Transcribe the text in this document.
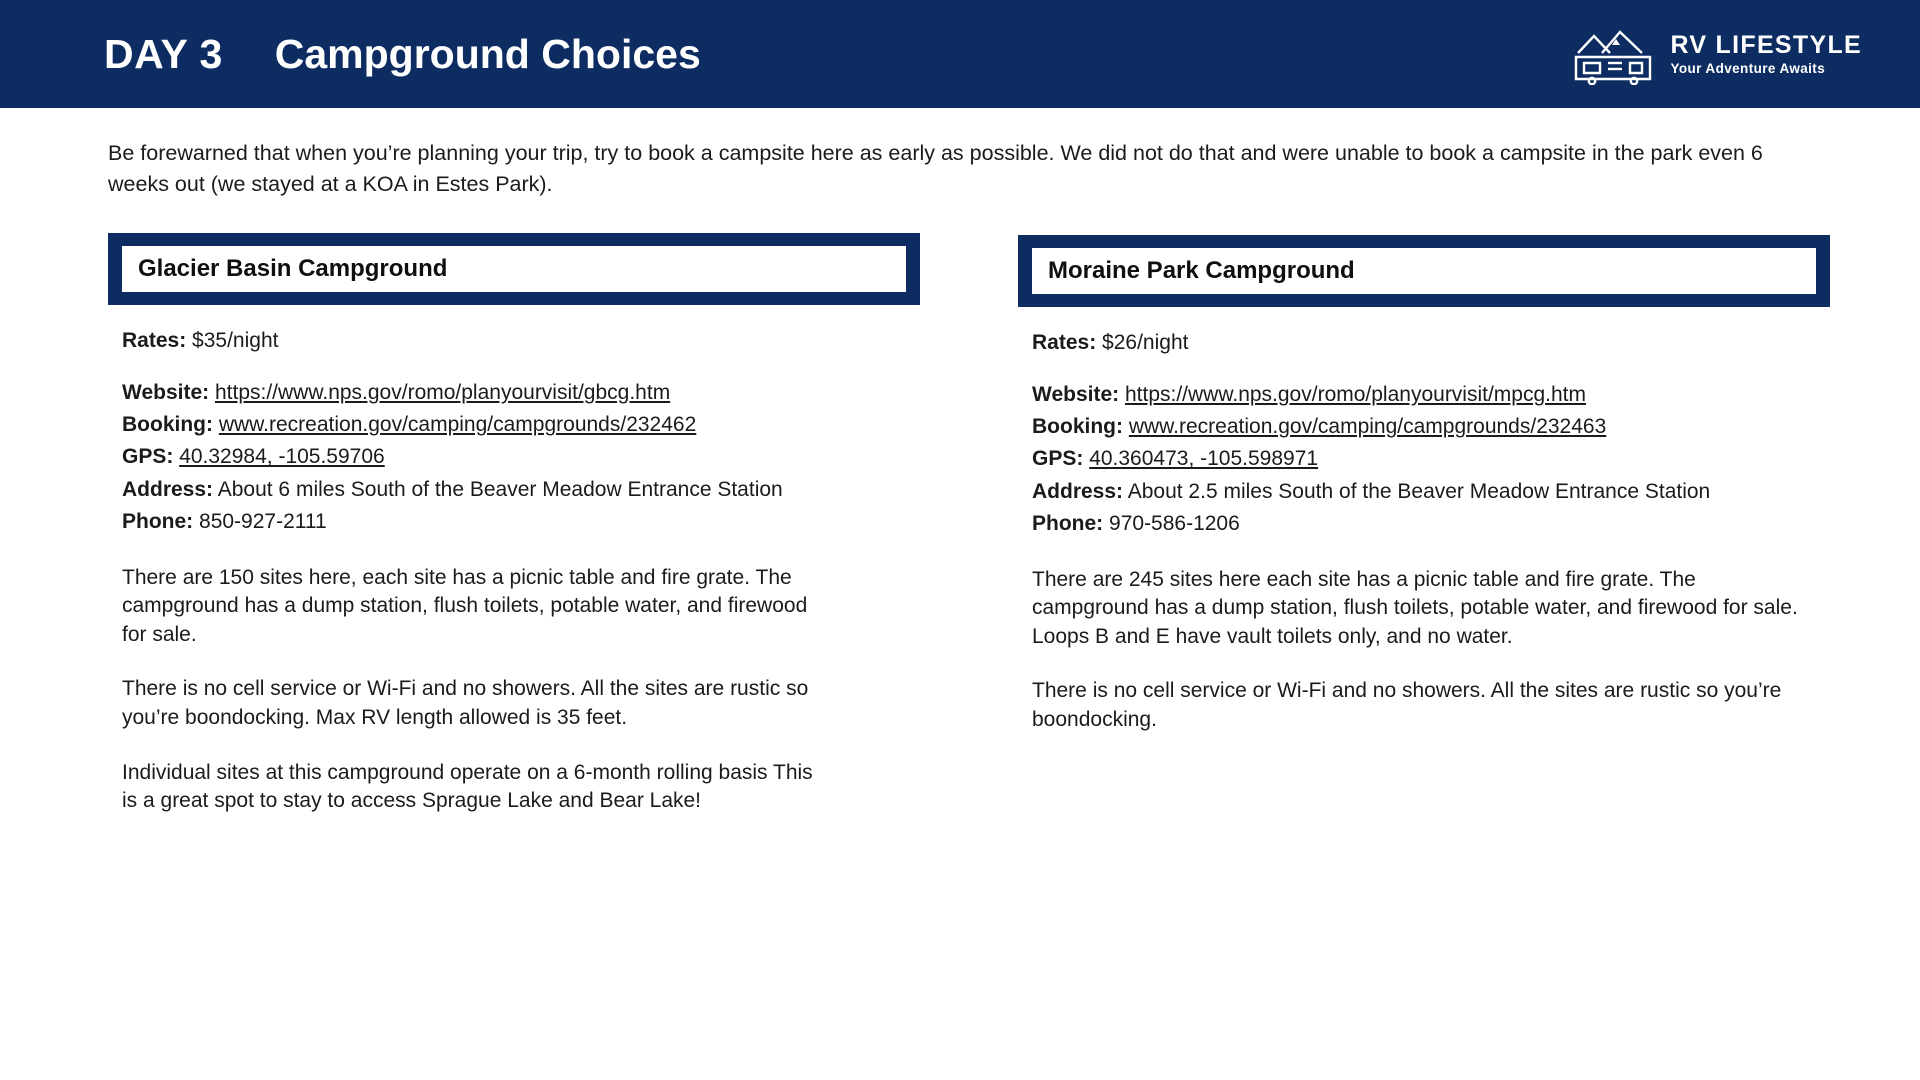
DAY 3 Campground Choices	RV LIFESTYLE
Your Adventure Awaits

Be forewarned that when you’re planning your trip, try to book a campsite here as early as possible. We did not do that and were unable to book a campsite in the park even 6 weeks out (we stayed at a KOA in Estes Park).

Glacier Basin Campground
Rates: $35/night
Website: https://www.nps.gov/romo/planyourvisit/gbcg.htm
Booking: www.recreation.gov/camping/campgrounds/232462
GPS: 40.32984, -105.59706
Address: About 6 miles South of the Beaver Meadow Entrance Station
Phone: 850-927-2111

There are 150 sites here, each site has a picnic table and fire grate. The campground has a dump station, flush toilets, potable water, and firewood for sale.

There is no cell service or Wi-Fi and no showers. All the sites are rustic so you’re boondocking. Max RV length allowed is 35 feet.

Individual sites at this campground operate on a 6-month rolling basis This is a great spot to stay to access Sprague Lake and Bear Lake!

Moraine Park Campground
Rates: $26/night
Website: https://www.nps.gov/romo/planyourvisit/mpcg.htm
Booking: www.recreation.gov/camping/campgrounds/232463
GPS: 40.360473, -105.598971
Address: About 2.5 miles South of the Beaver Meadow Entrance Station
Phone: 970-586-1206

There are 245 sites here each site has a picnic table and fire grate. The campground has a dump station, flush toilets, potable water, and firewood for sale. Loops B and E have vault toilets only, and no water.

There is no cell service or Wi-Fi and no showers. All the sites are rustic so you’re boondocking.
